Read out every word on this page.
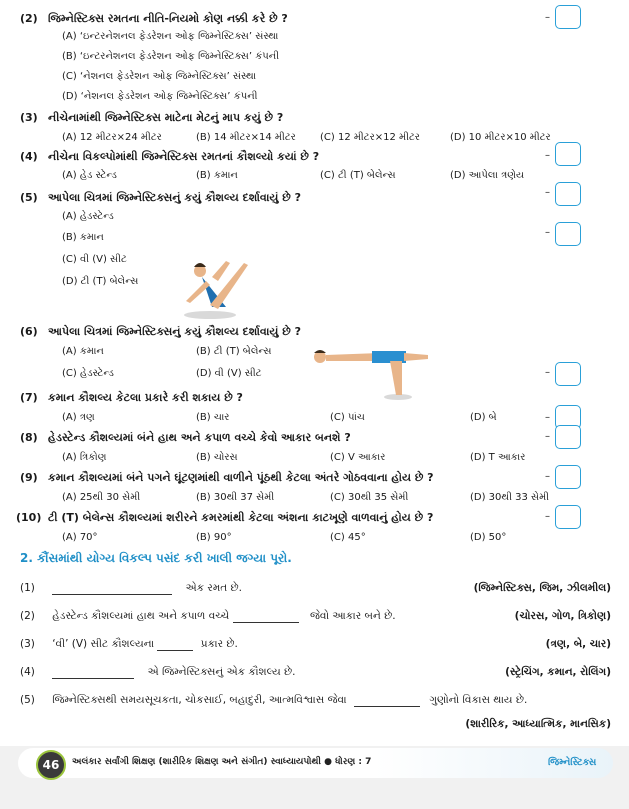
(2) જિમ્નેસ્ટિક્સ રમતના નીતિ-નિયમો કોણ નક્કી કરે છે ?	–
(A) ‘ઇન્ટરનેશનલ ફેડરેશન ઓફ જિમ્નેસ્ટિક્સ’ સંસ્થા
(B) ‘ઇન્ટરનેશનલ ફેડરેશન ઓફ જિમ્નેસ્ટિક્સ’ કંપની
(C) ‘નેશનલ ફેડરેશન ઓફ જિમ્નેસ્ટિક્સ’ સંસ્થા
(D) ‘નેશનલ ફેડરેશન ઓફ જિમ્નેસ્ટિક્સ’ કંપની
(3) નીચેનામાંથી જિમ્નેસ્ટિક્સ માટેના મેટનું માપ કયું છે ?
–
(A) 12 મીટર×24 મીટર	(B) 14 મીટર×14 મીટર (C) 12 મીટર×12 મીટર	(D) 10 મીટર×10 મીટર
(4) નીચેના વિકલ્પોમાંથી જિમ્નેસ્ટિક્સ રમતનાં કૌશલ્યો કયાં છે ?
–
(A) હેડ સ્ટેન્ડ	(B) કમાન	(C) ટી (T) બેલેન્સ	(D) આપેલા ત્રણેય
(5) આપેલા ચિત્રમાં જિમ્નેસ્ટિક્સનું કયું કૌશલ્ય દર્શાવાયું છે ?
–
(A) હેડસ્ટેન્ડ
(B) કમાન
(C) વી (V) સીટ
(D) ટી (T) બેલેન્સ
(6) આપેલા ચિત્રમાં જિમ્નેસ્ટિક્સનું કયું કૌશલ્ય દર્શાવાયું છે ?
–
(A) કમાન	(B) ટી (T) બેલેન્સ
(C) હેડસ્ટેન્ડ	(D) વી (V) સીટ
(7) કમાન કૌશલ્ય કેટલા પ્રકારે કરી શકાય છે ?
–
(A) ત્રણ	(B) ચાર	(C) પાંચ	(D) બે
(8) હેડસ્ટેન્ડ કૌશલ્યમાં બંને હાથ અને કપાળ વચ્ચે કેવો આકાર બનશે ?	–
(A) ત્રિકોણ	(B) ચોરસ	(C) V આકાર	(D) T આકાર
(9) કમાન કૌશલ્યમાં બંને પગને ઘૂંટણમાંથી વાળીને પૂંઠથી કેટલા અંતરે ગોઠવવાના હોય છે ?	–
(A) 25થી 30 સેમી	(B) 30થી 37 સેમી	(C) 30થી 35 સેમી	(D) 30થી 33 સેમી
(10) ટી (T) બેલેન્સ કૌશલ્યમાં શરીરને કમરમાંથી કેટલા અંશના કાટખૂણે વાળવાનું હોય છે ?	–
(A) 70°	(B) 90°	(C) 45°	(D) 50°
2. કૌંસમાંથી યોગ્ય વિકલ્પ પસંદ કરી ખાલી જગ્યા પૂરો.
(1)	એક રમત છે.	(જિમ્નેસ્ટિક્સ, જિમ, ઝીલમીલ)
(2) હેડસ્ટેન્ડ કૌશલ્યમાં હાથ અને કપાળ વચ્ચે	જેવો આકાર બને છે.	(ચોરસ, ગોળ, ત્રિકોણ)
(3) ‘વી’ (V) સીટ કૌશલ્યના	પ્રકાર છે.	(ત્રણ, બે, ચાર)
(4)	એ જિમ્નેસ્ટિક્સનું એક કૌશલ્ય છે.	(સ્ટ્રેચિંગ, કમાન, રોલિંગ)
(5) જિમ્નેસ્ટિક્સથી સમયસૂચકતા, ચોકસાઈ, બહાદુરી, આત્મવિશ્વાસ જેવા	ગુણોનો વિકાસ થાય છે.
(શારીરિક, આધ્યાત્મિક, માનસિક)
46	અલંકાર સર્વાંગી શિક્ષણ (શારીરિક શિક્ષણ અને સંગીત) સ્વાધ્યાયપોથી ● ધોરણ : 7	જિમ્નેસ્ટિક્સ
